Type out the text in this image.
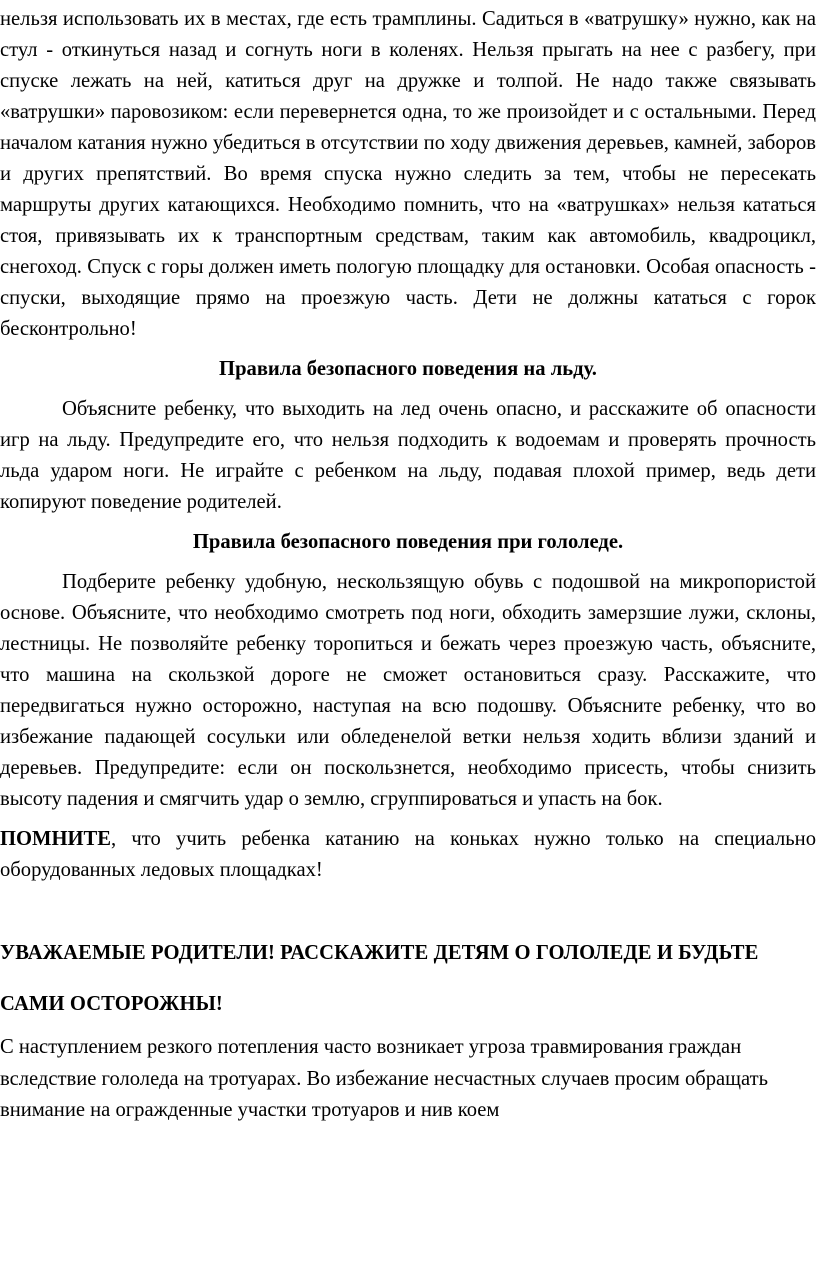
нельзя использовать их в местах, где есть трамплины. Садиться в «ватрушку» нужно, как на стул - откинуться назад и согнуть ноги в коленях. Нельзя прыгать на нее с разбегу, при спуске лежать на ней, катиться друг на дружке и толпой. Не надо также связывать «ватрушки» паровозиком: если перевернется одна, то же произойдет и с остальными. Перед началом катания нужно убедиться в отсутствии по ходу движения деревьев, камней, заборов и других препятствий. Во время спуска нужно следить за тем, чтобы не пересекать маршруты других катающихся. Необходимо помнить, что на «ватрушках» нельзя кататься стоя, привязывать их к транспортным средствам, таким как автомобиль, квадроцикл, снегоход. Спуск с горы должен иметь пологую площадку для остановки. Особая опасность - спуски, выходящие прямо на проезжую часть. Дети не должны кататься с горок бесконтрольно!

Правила безопасного поведения на льду.

Объясните ребенку, что выходить на лед очень опасно, и расскажите об опасности игр на льду. Предупредите его, что нельзя подходить к водоемам и проверять прочность льда ударом ноги. Не играйте с ребенком на льду, подавая плохой пример, ведь дети копируют поведение родителей.

Правила безопасного поведения при гололеде.

Подберите ребенку удобную, нескользящую обувь с подошвой на микропористой основе. Объясните, что необходимо смотреть под ноги, обходить замерзшие лужи, склоны, лестницы. Не позволяйте ребенку торопиться и бежать через проезжую часть, объясните, что машина на скользкой дороге не сможет остановиться сразу. Расскажите, что передвигаться нужно осторожно, наступая на всю подошву. Объясните ребенку, что во избежание падающей сосульки или обледенелой ветки нельзя ходить вблизи зданий и деревьев. Предупредите: если он поскользнется, необходимо присесть, чтобы снизить высоту падения и смягчить удар о землю, сгруппироваться и упасть на бок.

ПОМНИТЕ, что учить ребенка катанию на коньках нужно только на специально оборудованных ледовых площадках!

УВАЖАЕМЫЕ РОДИТЕЛИ! РАССКАЖИТЕ ДЕТЯМ О ГОЛОЛЕДЕ И БУДЬТЕ САМИ ОСТОРОЖНЫ!

С наступлением резкого потепления часто возникает угроза травмирования граждан вследствие гололеда на тротуарах. Во избежание несчастных случаев просим обращать внимание на огражденные участки тротуаров и нив коем
